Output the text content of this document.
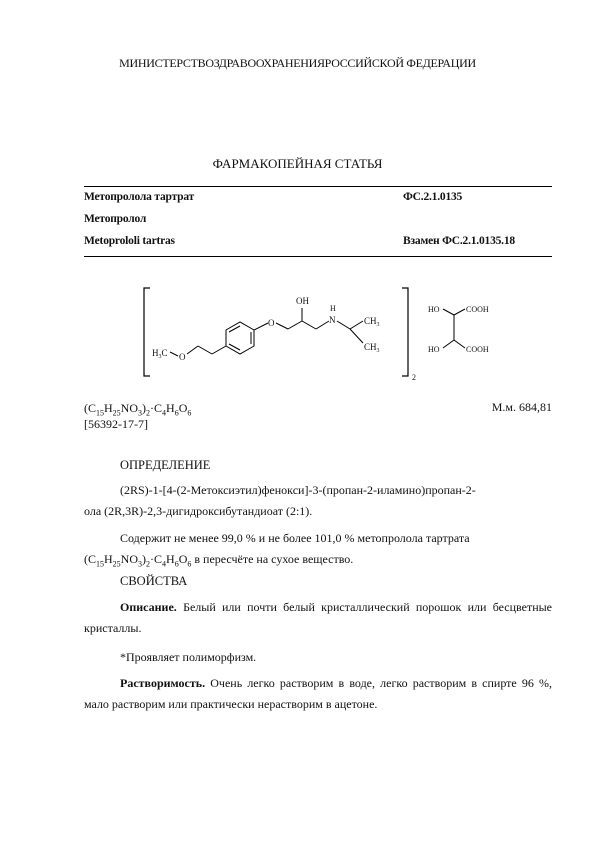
МИНИСТЕРСТВОЗДРАВООХРАНЕНИЯРОССИЙСКОЙ ФЕДЕРАЦИИ
ФАРМАКОПЕЙНАЯ СТАТЬЯ
Метопролола тартрат	ФС.2.1.0135
Метопролол
Metoprololi tartras	Взамен ФС.2.1.0135.18
2
$H_3C$ O
O
OH
H
N	$CH_3$
$CH_3$
HO	COOH
HO	COOH
$(C_{15}H_{25}NO_3)_2\cdot C_4H_6O_6$
[56392-17-7]
М.м. 684,81
ОПРЕДЕЛЕНИЕ
(2RS)-1-[4-(2-Метоксиэтил)фенокси]-3-(пропан-2-иламино)пропан-2-
ола (2R,3R)-2,3-дигидроксибутандиоат (2:1).
Содержит не менее 99,0 % и не более 101,0 % метопролола тартрата
$(C_{15}H_{25}NO_3)_2\cdot C_4H_6O_6$ в пересчёте на сухое вещество.
СВОЙСТВА
Описание. Белый или почти белый кристаллический порошок или бесцветные кристаллы.
*Проявляет полиморфизм.
Растворимость. Очень легко растворим в воде, легко растворим в спирте 96 %, мало растворим или практически нерастворим в ацетоне.
